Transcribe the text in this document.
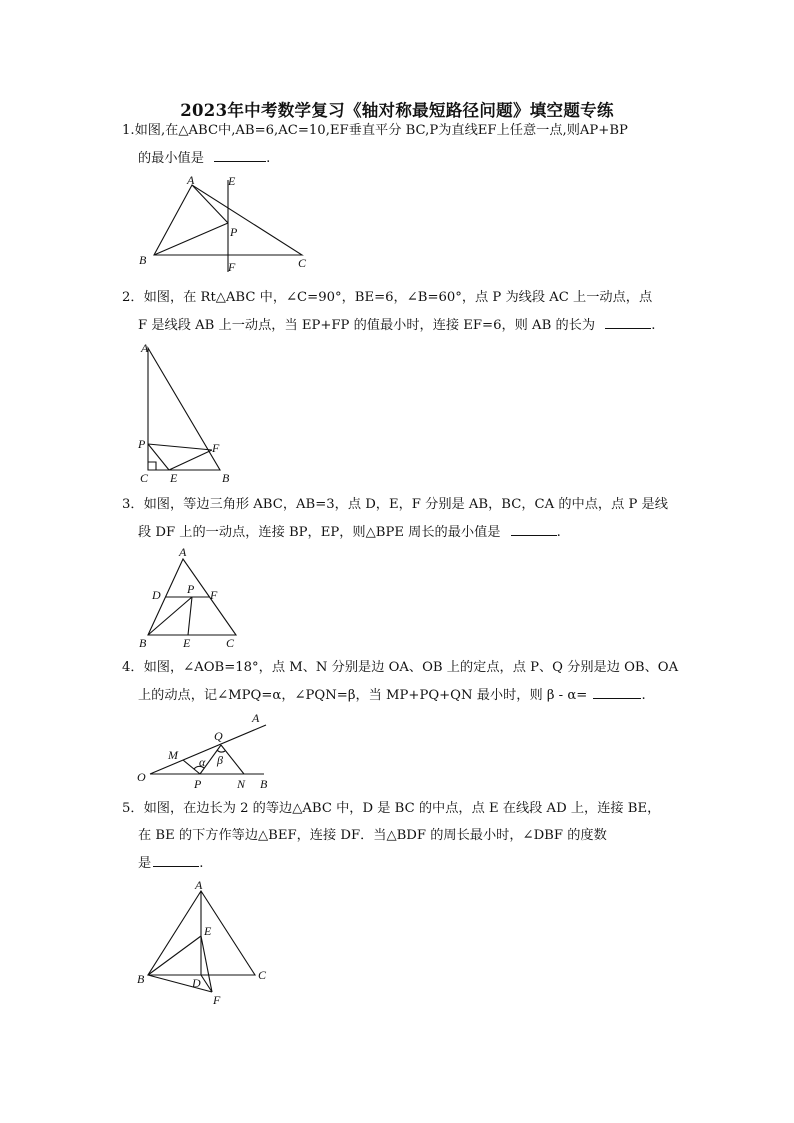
2023年中考数学复习《轴对称最短路径问题》填空题专练
1.如图,在△ABC中,AB=6,AC=10,EF垂直平分 BC,P为直线EF上任意一点,则AP+BP
的最小值是	.
A	E
P
B	F	C
2．如图，在 Rt△ABC 中，∠C=90°，BE=6，∠B=60°，点 P 为线段 AC 上一动点，点
F 是线段 AB 上一动点，当 EP+FP 的值最小时，连接 EF=6，则 AB 的长为	.
A
P	F
C E	B
3．如图，等边三角形 ABC，AB=3，点 D，E，F 分别是 AB，BC，CA 的中点，点 P 是线
段 DF 上的一动点，连接 BP，EP，则△BPE 周长的最小值是	.
A
D P F
B	E	C
4．如图，∠AOB=18°，点 M、N 分别是边 OA、OB 上的定点，点 P、Q 分别是边 OB、OA
上的动点，记∠MPQ=α，∠PQN=β，当 MP+PQ+QN 最小时，则 β - α=	.
A
Q
M α β
O	P	N B
5．如图，在边长为 2 的等边△ABC 中，D 是 BC 的中点，点 E 在线段 AD 上，连接 BE，
在 BE 的下方作等边△BEF，连接 DF．当△BDF 的周长最小时，∠DBF 的度数
是	.
A
E
B	C
D
F
